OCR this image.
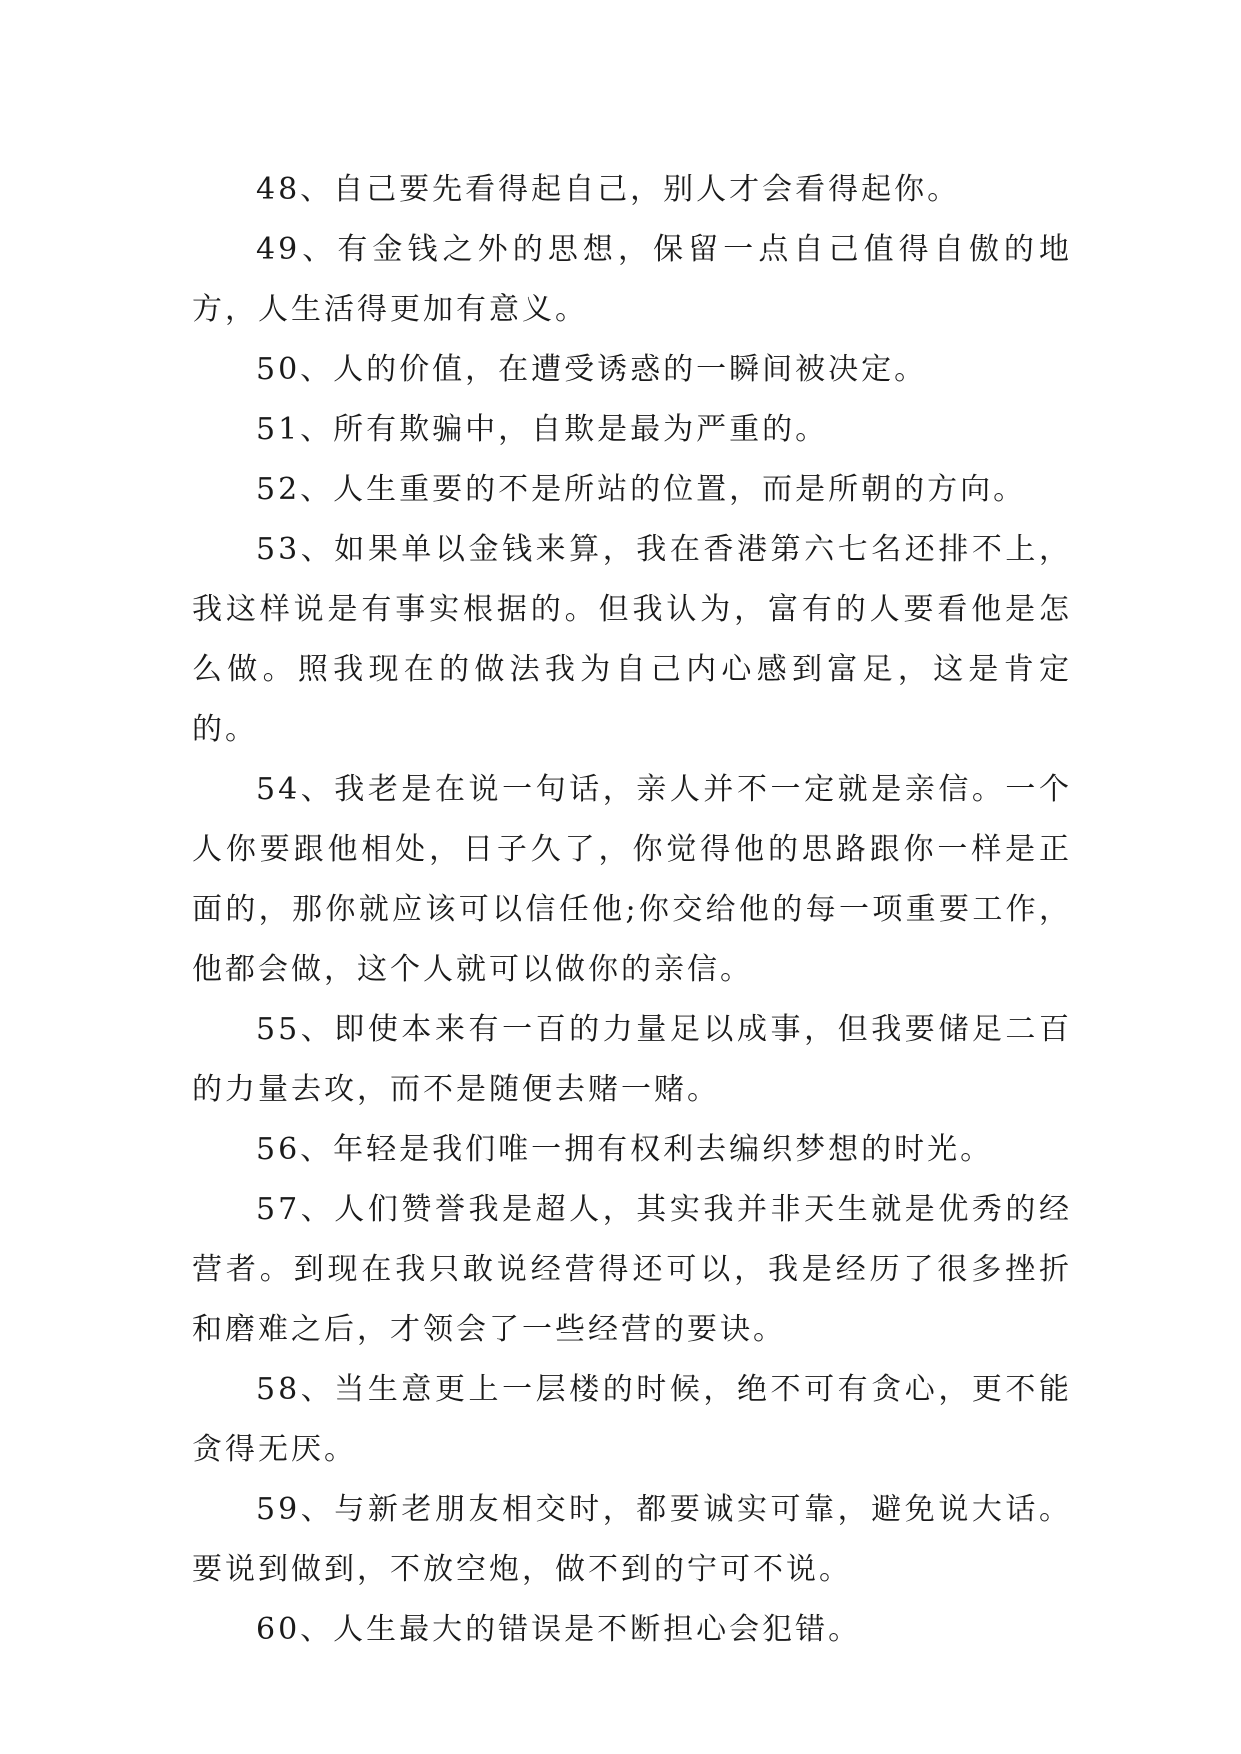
48、自己要先看得起自己，别人才会看得起你。

49、有金钱之外的思想，保留一点自己值得自傲的地方，人生活得更加有意义。

50、人的价值，在遭受诱惑的一瞬间被决定。

51、所有欺骗中，自欺是最为严重的。

52、人生重要的不是所站的位置，而是所朝的方向。

53、如果单以金钱来算，我在香港第六七名还排不上，我这样说是有事实根据的。但我认为，富有的人要看他是怎么做。照我现在的做法我为自己内心感到富足，这是肯定的。

54、我老是在说一句话，亲人并不一定就是亲信。一个人你要跟他相处，日子久了，你觉得他的思路跟你一样是正面的，那你就应该可以信任他;你交给他的每一项重要工作，他都会做，这个人就可以做你的亲信。

55、即使本来有一百的力量足以成事，但我要储足二百的力量去攻，而不是随便去赌一赌。

56、年轻是我们唯一拥有权利去编织梦想的时光。

57、人们赞誉我是超人，其实我并非天生就是优秀的经营者。到现在我只敢说经营得还可以，我是经历了很多挫折和磨难之后，才领会了一些经营的要诀。

58、当生意更上一层楼的时候，绝不可有贪心，更不能贪得无厌。

59、与新老朋友相交时，都要诚实可靠，避免说大话。要说到做到，不放空炮，做不到的宁可不说。

60、人生最大的错误是不断担心会犯错。
